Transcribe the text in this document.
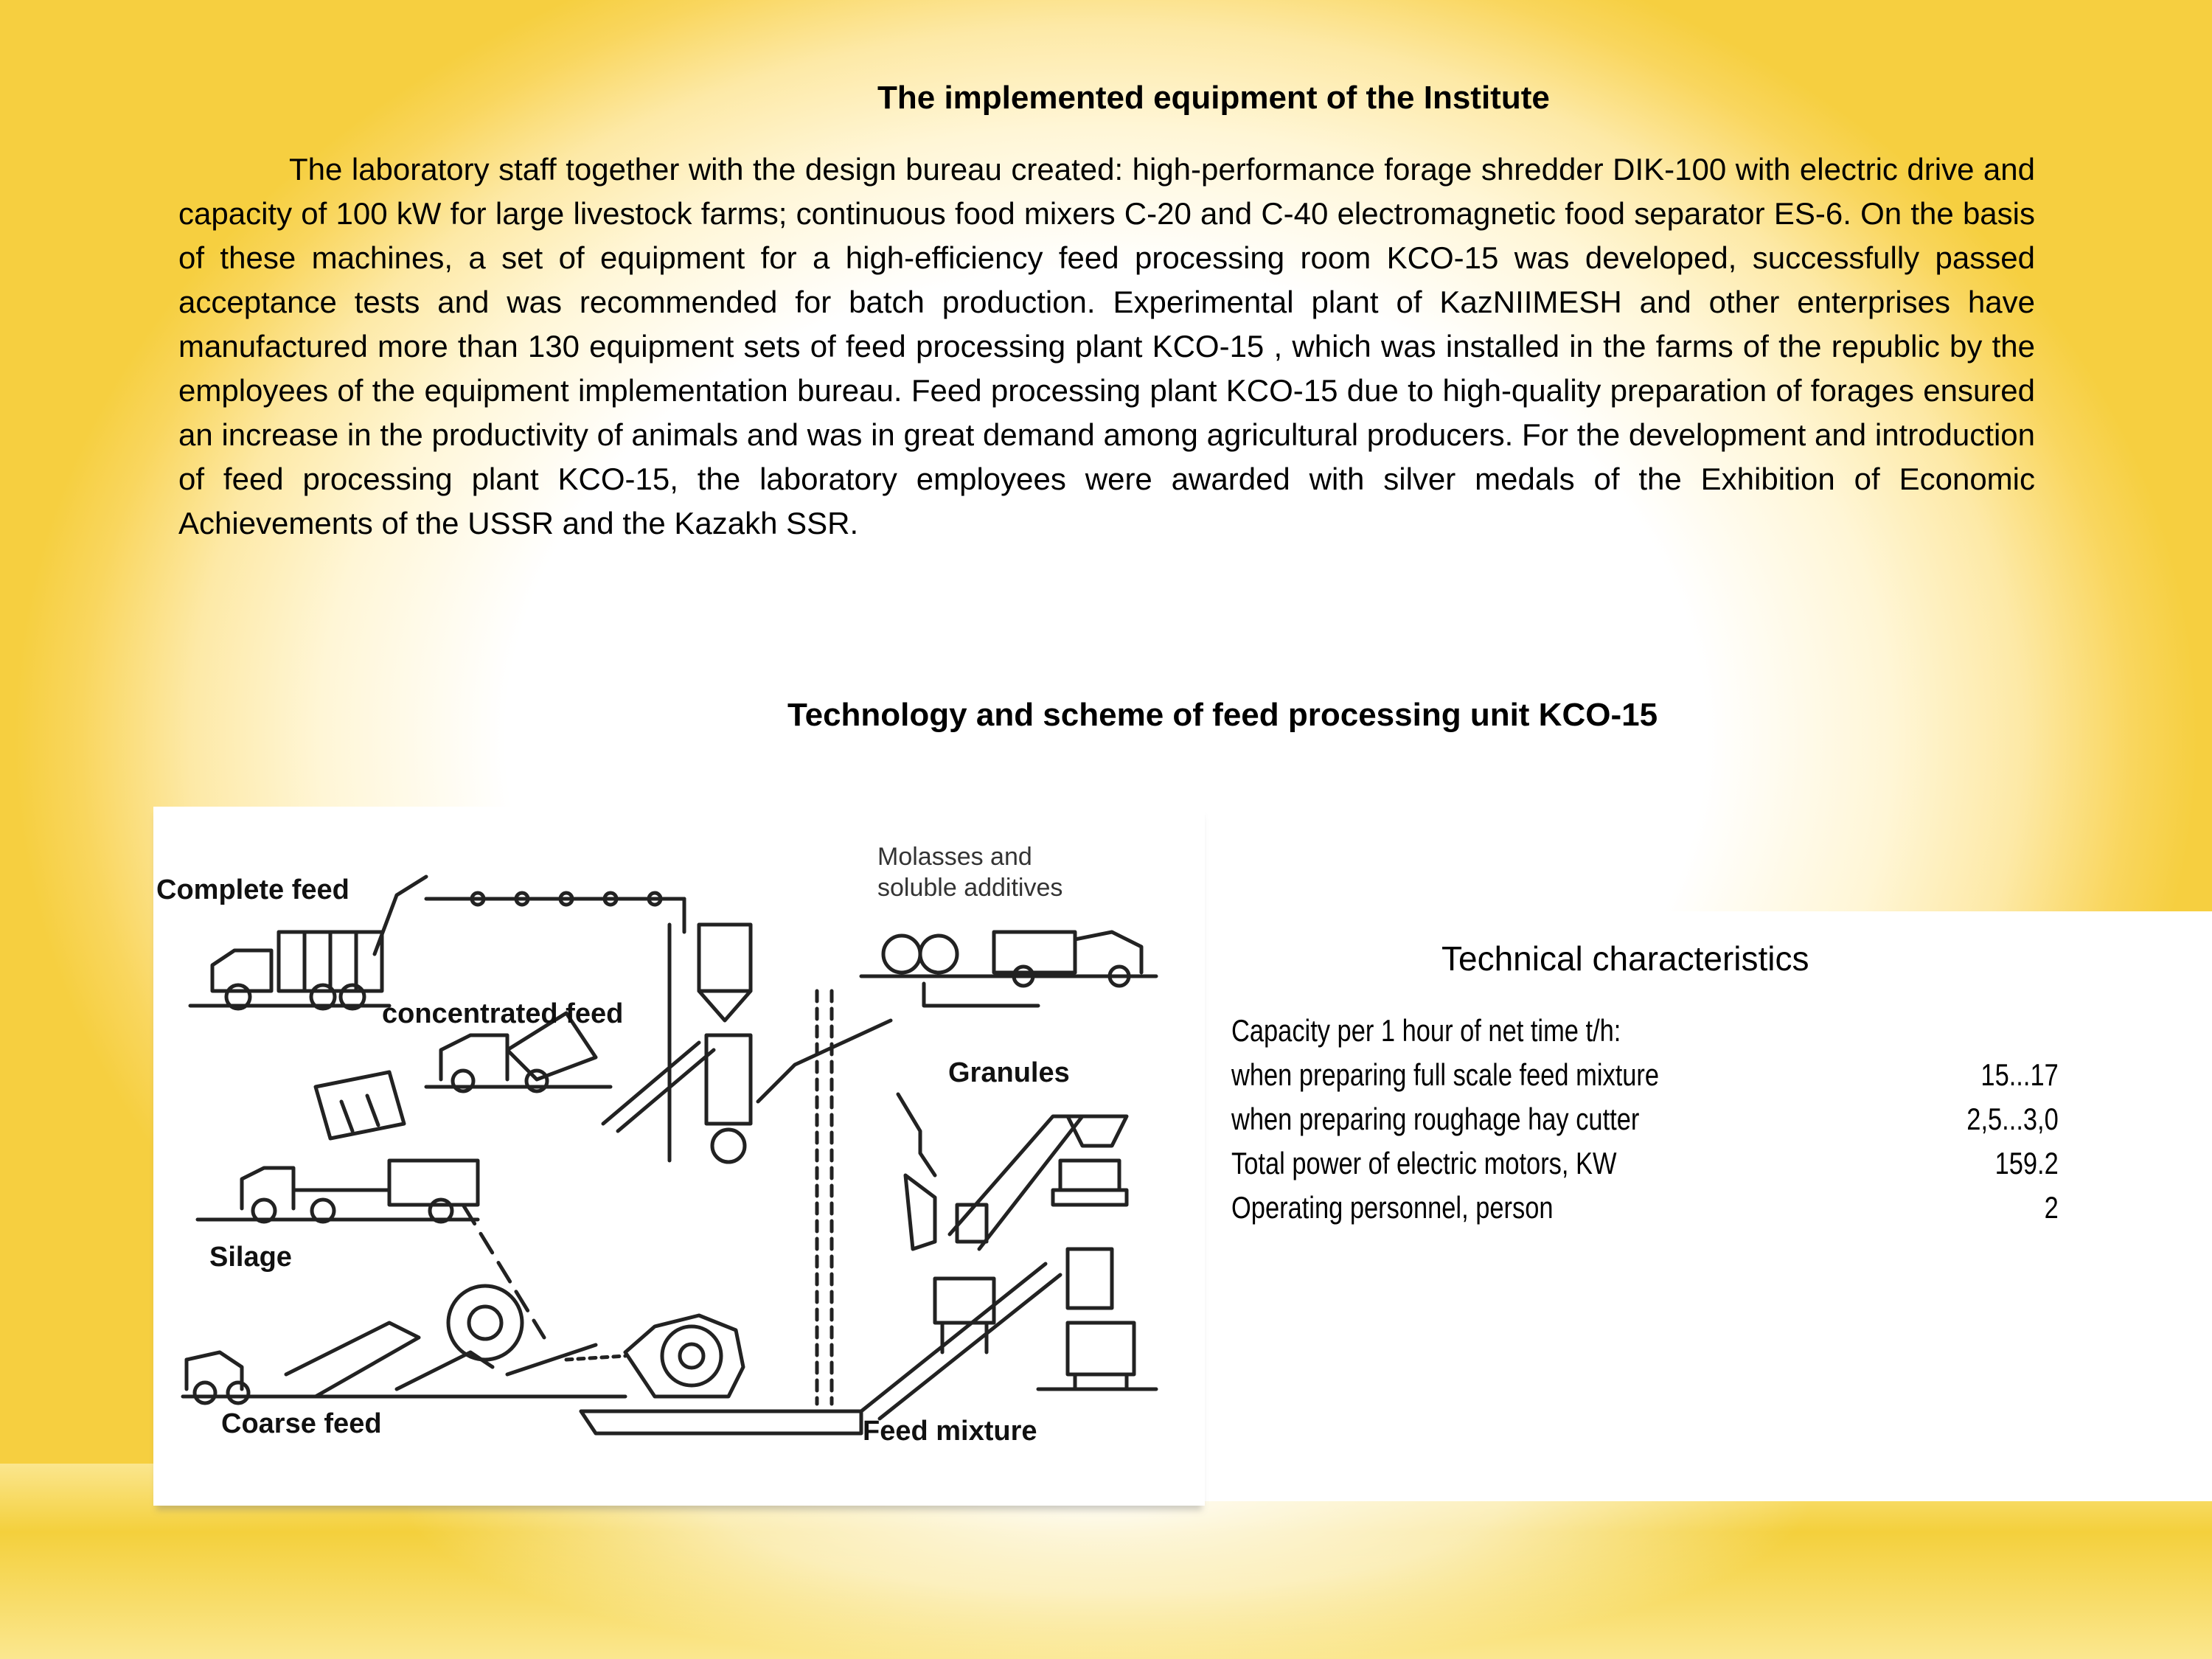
The implemented equipment of the Institute
The laboratory staff together with the design bureau created: high-performance forage shredder DIK-100 with electric drive and capacity of 100 kW for large livestock farms; continuous food mixers C-20 and C-40 electromagnetic food separator ES-6. On the basis of these machines, a set of equipment for a high-efficiency feed processing room KCO-15 was developed, successfully passed acceptance tests and was recommended for batch production. Experimental plant of KazNIIMESH and other enterprises have manufactured more than 130 equipment sets of feed processing plant KCO-15 , which was installed in the farms of the republic by the employees of the equipment implementation bureau. Feed processing plant KCO-15 due to high-quality preparation of forages ensured an increase in the productivity of animals and was in great demand among agricultural producers. For the development and introduction of feed processing plant KCO-15, the laboratory employees were awarded with silver medals of the Exhibition of Economic Achievements of the USSR and the Kazakh SSR.
Technology and scheme of feed processing unit KCO-15
Complete feed
concentrated feed
Silage
Coarse feed
Molasses and
soluble additives
Granules
Feed mixture
Technical characteristics
Capacity per 1 hour of net time t/h:
when preparing full scale feed mixture	15...17
when preparing roughage hay cutter	2,5...3,0
Total power of electric motors, KW	159.2
Operating personnel, person	2
